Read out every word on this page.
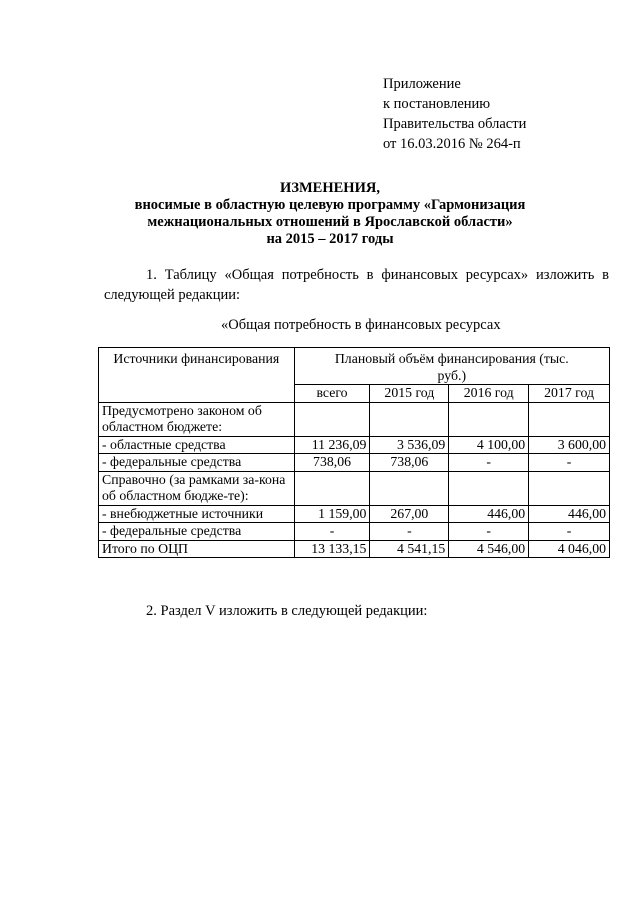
Приложение
к постановлению
Правительства области
от 16.03.2016 № 264-п
ИЗМЕНЕНИЯ,
вносимые в областную целевую программу «Гармонизация
межнациональных отношений в Ярославской области»
на 2015 – 2017 годы
1. Таблицу «Общая потребность в финансовых ресурсах» изложить в следующей редакции:
«Общая потребность в финансовых ресурсах
Источники финансирования	Плановый объём финансирования (тыс. руб.)			
	всего	2015 год	2016 год	2017 год
Предусмотрено законом об областном бюджете:				
- областные средства	11 236,09	3 536,09	4 100,00	3 600,00
- федеральные средства	738,06	738,06	-	-
Справочно (за рамками за-кона об областном бюдже-те):				
- внебюджетные источники	1 159,00	267,00	446,00	446,00
- федеральные средства	-	-	-	-
Итого по ОЦП	13 133,15	4 541,15	4 546,00	4 046,00
2. Раздел V изложить в следующей редакции:
